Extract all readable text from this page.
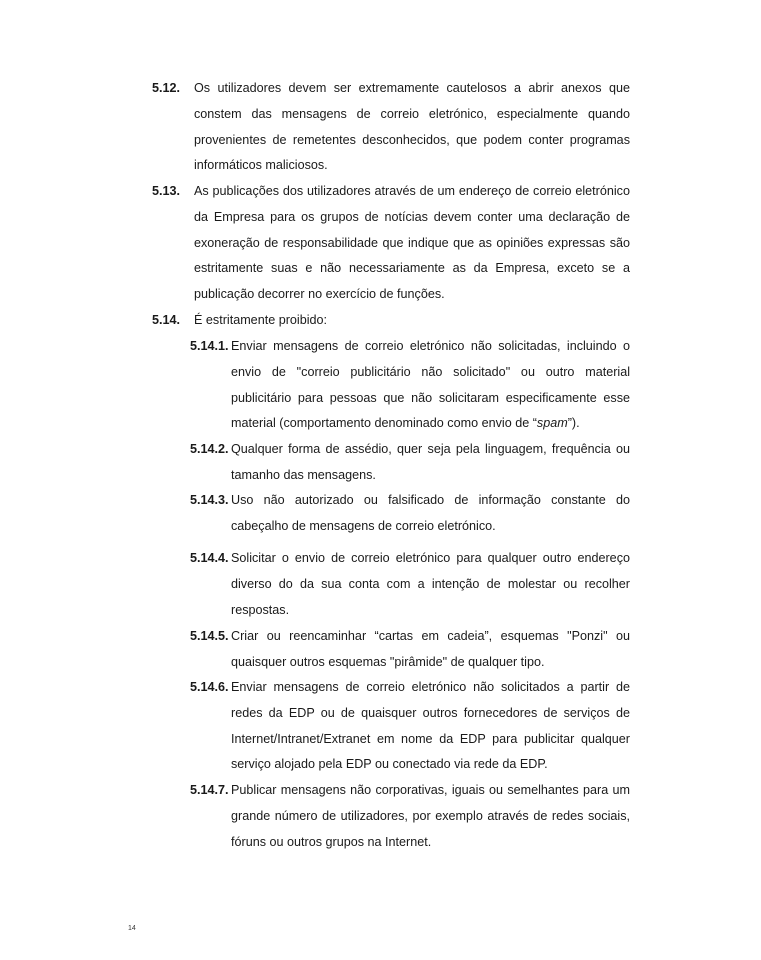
5.12.	Os utilizadores devem ser extremamente cautelosos a abrir anexos que constem das mensagens de correio eletrónico, especialmente quando provenientes de remetentes desconhecidos, que podem conter programas informáticos maliciosos.
5.13.	As publicações dos utilizadores através de um endereço de correio eletrónico da Empresa para os grupos de notícias devem conter uma declaração de exoneração de responsabilidade que indique que as opiniões expressas são estritamente suas e não necessariamente as da Empresa, exceto se a publicação decorrer no exercício de funções.
5.14.	É estritamente proibido:
5.14.1. Enviar mensagens de correio eletrónico não solicitadas, incluindo o envio de "correio publicitário não solicitado" ou outro material publicitário para pessoas que não solicitaram especificamente esse material (comportamento denominado como envio de “spam”).
5.14.2. Qualquer forma de assédio, quer seja pela linguagem, frequência ou tamanho das mensagens.
5.14.3. Uso não autorizado ou falsificado de informação constante do cabeçalho de mensagens de correio eletrónico.
5.14.4. Solicitar o envio de correio eletrónico para qualquer outro endereço diverso do da sua conta com a intenção de molestar ou recolher respostas.
5.14.5. Criar ou reencaminhar “cartas em cadeia”, esquemas "Ponzi" ou quaisquer outros esquemas "pirâmide" de qualquer tipo.
5.14.6. Enviar mensagens de correio eletrónico não solicitados a partir de redes da EDP ou de quaisquer outros fornecedores de serviços de Internet/Intranet/Extranet em nome da EDP para publicitar qualquer serviço alojado pela EDP ou conectado via rede da EDP.
5.14.7. Publicar mensagens não corporativas, iguais ou semelhantes para um grande número de utilizadores, por exemplo através de redes sociais, fóruns ou outros grupos na Internet.
14
